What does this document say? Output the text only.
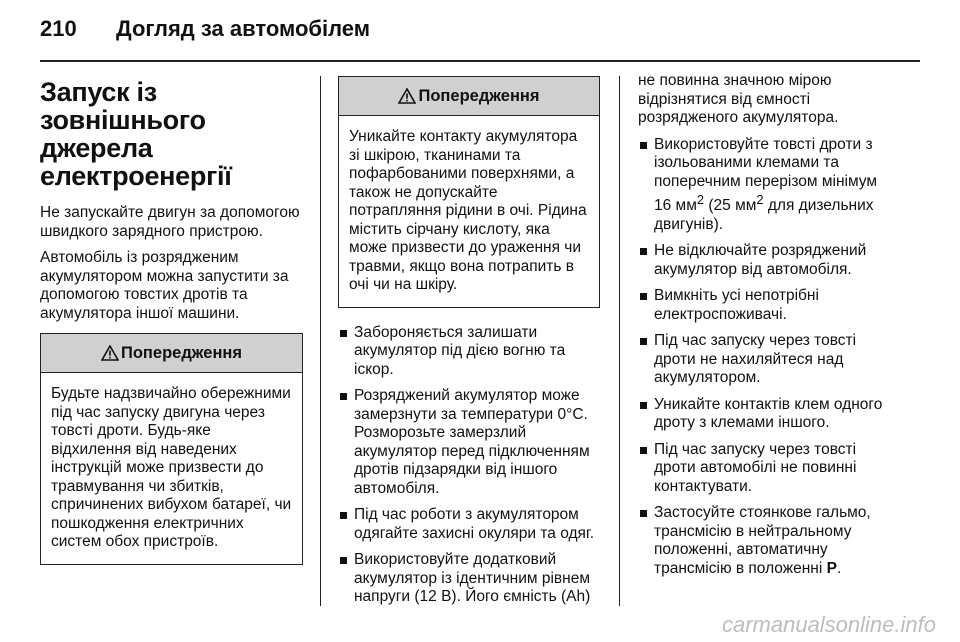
210 Догляд за автомобілем
Запуск із зовнішнього
джерела
електроенергії

Не запускайте двигун за допомогою швидкого зарядного пристрою.

Автомобіль із розрядженим акумулятором можна запустити за допомогою товстих дротів та акумулятора іншої машини.

Попередження
Будьте надзвичайно обережними під час запуску двигуна через товсті дроти. Будь-яке відхилення від наведених інструкцій може призвести до травмування чи збитків, спричинених вибухом батареї, чи пошкодження електричних систем обох пристроїв.
Попередження
Уникайте контакту акумулятора зі шкірою, тканинами та пофарбованими поверхнями, а також не допускайте потрапляння рідини в очі. Рідина містить сірчану кислоту, яка може призвести до ураження чи травми, якщо вона потрапить в очі чи на шкіру.
Забороняється залишати акумулятор під дією вогню та іскор.
Розряджений акумулятор може замерзнути за температури 0°C. Розморозьте замерзлий акумулятор перед підключенням дротів підзарядки від іншого автомобіля.
Під час роботи з акумулятором одягайте захисні окуляри та одяг.
Використовуйте додатковий акумулятор із ідентичним рівнем напруги (12 В). Його ємність (Ah)

не повинна значною мірою відрізнятися від ємності розрядженого акумулятора.

Використовуйте товсті дроти з ізольованими клемами та поперечним перерізом мінімум 16 $мм^2$ (25 $мм^2$ для дизельних двигунів).
Не відключайте розряджений акумулятор від автомобіля.
Вимкніть усі непотрібні електроспоживачі.
Під час запуску через товсті дроти не нахиляйтеся над акумулятором.
Уникайте контактів клем одного дроту з клемами іншого.
Під час запуску через товсті дроти автомобілі не повинні контактувати.
Застосуйте стоянкове гальмо, трансмісію в нейтральному положенні, автоматичну трансмісію в положенні P.
carmanualsonline.info
